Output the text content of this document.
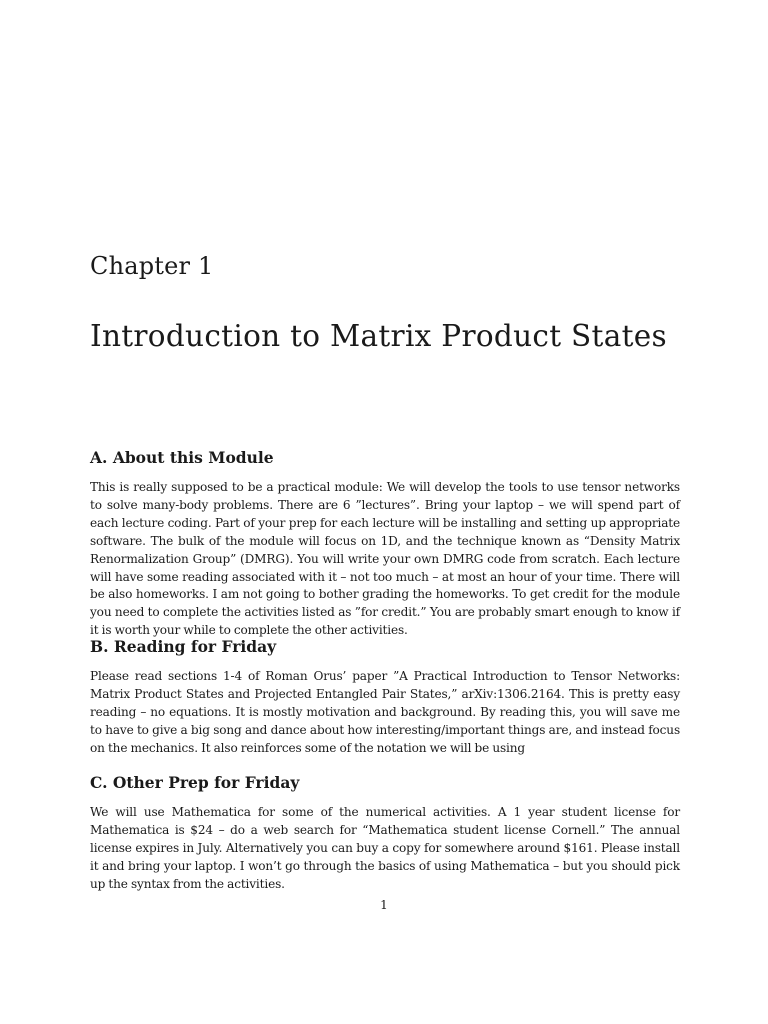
Chapter 1
Introduction to Matrix Product States
A. About this Module

This is really supposed to be a practical module: We will develop the tools to use tensor networks to solve many-body problems. There are 6 ”lectures”. Bring your laptop – we will spend part of each lecture coding. Part of your prep for each lecture will be installing and setting up appropriate software. The bulk of the module will focus on 1D, and the technique known as “Density Matrix Renormalization Group” (DMRG). You will write your own DMRG code from scratch. Each lecture will have some reading associated with it – not too much – at most an hour of your time. There will be also homeworks. I am not going to bother grading the homeworks. To get credit for the module you need to complete the activities listed as ”for credit.” You are probably smart enough to know if it is worth your while to complete the other activities.

B. Reading for Friday

Please read sections 1-4 of Roman Orus’ paper ”A Practical Introduction to Tensor Networks: Matrix Product States and Projected Entangled Pair States,” arXiv:1306.2164. This is pretty easy reading – no equations. It is mostly motivation and background. By reading this, you will save me to have to give a big song and dance about how interesting/important things are, and instead focus on the mechanics. It also reinforces some of the notation we will be using

C. Other Prep for Friday

We will use Mathematica for some of the numerical activities. A 1 year student license for Mathematica is $24 – do a web search for “Mathematica student license Cornell.” The annual license expires in July. Alternatively you can buy a copy for somewhere around $161. Please install it and bring your laptop. I won’t go through the basics of using Mathematica – but you should pick up the syntax from the activities.

1
